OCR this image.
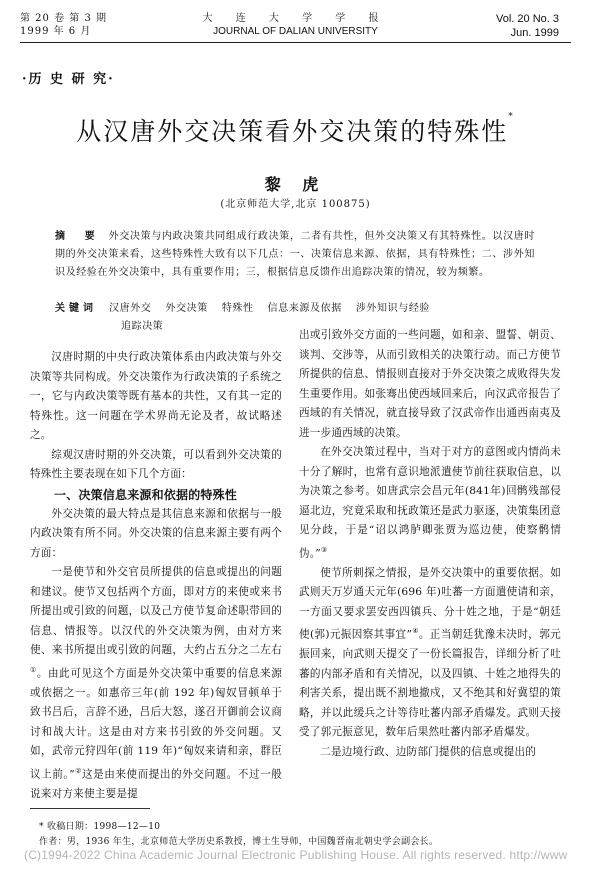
第 20 卷 第 3 期
1999 年 6 月
大 连 大 学 学 报
JOURNAL OF DALIAN UNIVERSITY
Vol. 20 No. 3
Jun. 1999
·历 史 研 究·
从汉唐外交决策看外交决策的特殊性*
黎 虎
(北京师范大学,北京 100875)
摘 要 外交决策与内政决策共同组成行政决策，二者有共性，但外交决策又有其特殊性。以汉唐时期的外交决策来看，这些特殊性大致有以下几点：一、决策信息来源、依据，具有特殊性；二、涉外知识及经验在外交决策中，具有重要作用；三，根据信息反馈作出追踪决策的情况，较为频繁。
关键词 汉唐外交 外交决策 特殊性 信息来源及依据 涉外知识与经验
追踪决策

汉唐时期的中央行政决策体系由内政决策与外交决策等共同构成。外交决策作为行政决策的子系统之一，它与内政决策等既有基本的共性，又有其一定的特殊性。这一问题在学术界尚无论及者，故试略述之。

综观汉唐时期的外交决策，可以看到外交决策的特殊性主要表现在如下几个方面：

一、决策信息来源和依据的特殊性

外交决策的最大特点是其信息来源和依据与一般内政决策有所不同。外交决策的信息来源主要有两个方面：

一是使节和外交官员所提供的信息或提出的问题和建议。使节又包括两个方面，即对方的来使或来书所提出或引致的问题，以及己方使节复命述职带回的信息、情报等。以汉代的外交决策为例，由对方来使、来书所提出或引致的问题，大约占五分之二左右①。由此可见这个方面是外交决策中重要的信息来源或依据之一。如惠帝三年(前 192 年)匈奴冒顿单于致书吕后，言辞不逊，吕后大怒，遂召开御前会议商讨和战大计。这是由对方来书引致的外交问题。又如，武帝元狩四年(前 119 年)“匈奴来请和亲，群臣议上前。”②这是由来使而提出的外交问题。不过一般说来对方来使主要是提

出或引致外交方面的一些问题，如和亲、盟誓、朝贡、谈判、交涉等，从而引致相关的决策行动。而己方使节所提供的信息、情报则直接对于外交决策之成败得失发生重要作用。如张骞出使西域回来后，向汉武帝报告了西域的有关情况，就直接导致了汉武帝作出通西南夷及进一步通西域的决策。

在外交决策过程中，当对于对方的意图或内情尚未十分了解时，也常有意识地派遣使节前往获取信息，以为决策之参考。如唐武宗会昌元年(841年)回鹘残部侵逼北边，究竟采取和抚政策还是武力驱逐，决策集团意见分歧，于是“诏以鸿胪卿张贾为巡边使，使察鹘情伪。”③

使节所刺探之情报，是外交决策中的重要依据。如武则天万岁通天元年(696 年)吐蕃一方面遣使请和亲，一方面又要求罢安西四镇兵、分十姓之地，于是“朝廷使(郭)元振因察其事宜”④。正当朝廷犹豫未决时，郭元振回来，向武则天提交了一份长篇报告，详细分析了吐蕃的内部矛盾和有关情况，以及四镇、十姓之地得失的利害关系，提出既不割地撤戍，又不绝其和好冀望的策略，并以此缓兵之计等待吐蕃内部矛盾爆发。武则天接受了郭元振意见，数年后果然吐蕃内部矛盾爆发。

二是边境行政、边防部门提供的信息或提出的

* 收稿日期：1998—12—10
作者：男，1936 年生，北京师范大学历史系教授，博士生导师，中国魏晋南北朝史学会副会长。
(C)1994-2022 China Academic Journal Electronic Publishing House. All rights reserved. http://www
